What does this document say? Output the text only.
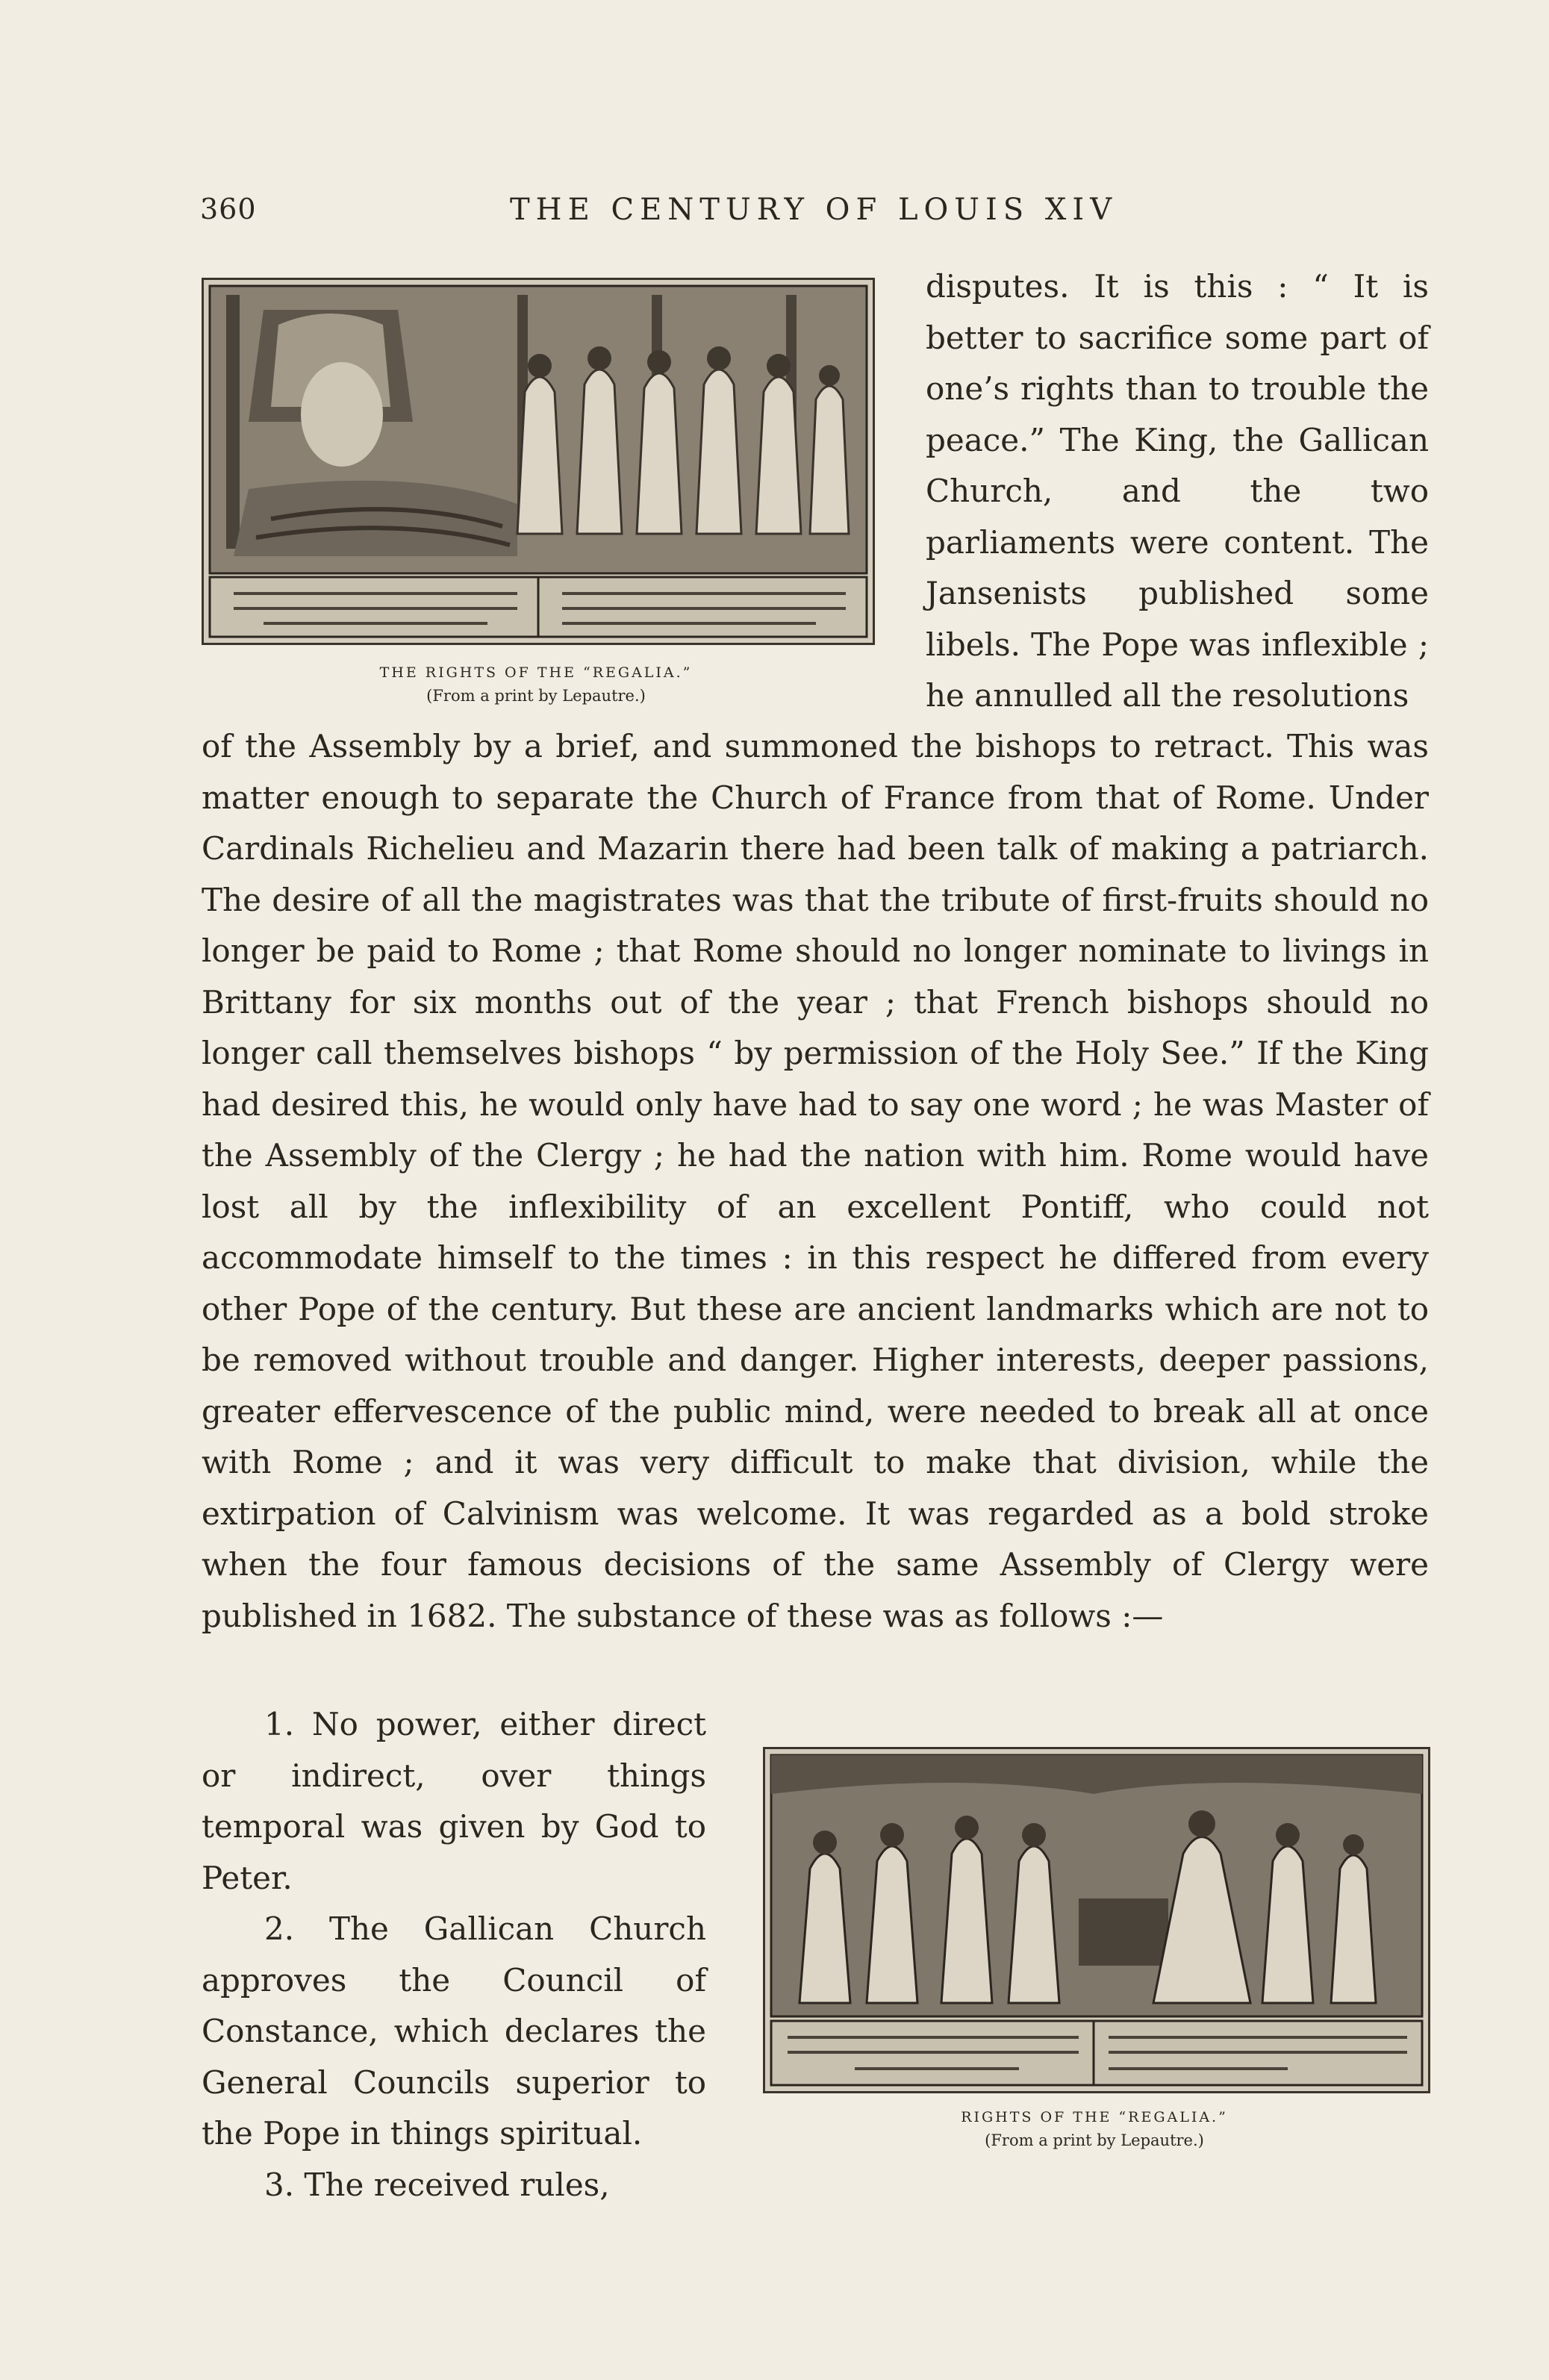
360	THE CENTURY OF LOUIS XIV
THE RIGHTS OF THE “REGALIA.”
(From a print by Lepautre.)

disputes. It is this : “ It is better to sacrifice some part of one’s rights than to trouble the peace.” The King, the Gallican Church, and the two parliaments were content. The Jansenists published some libels. The Pope was inflexible ; he annulled all the resolutions

of the Assembly by a brief, and summoned the bishops to retract. This was matter enough to separate the Church of France from that of Rome. Under Cardinals Richelieu and Mazarin there had been talk of making a patriarch. The desire of all the magistrates was that the tribute of first-fruits should no longer be paid to Rome ; that Rome should no longer nominate to livings in Brittany for six months out of the year ; that French bishops should no longer call themselves bishops “ by permission of the Holy See.” If the King had desired this, he would only have had to say one word ; he was Master of the Assembly of the Clergy ; he had the nation with him. Rome would have lost all by the inflexibility of an excellent Pontiff, who could not accommodate himself to the times : in this respect he differed from every other Pope of the century. But these are ancient landmarks which are not to be removed without trouble and danger. Higher interests, deeper passions, greater effervescence of the public mind, were needed to break all at once with Rome ; and it was very difficult to make that division, while the extirpation of Calvinism was welcome. It was regarded as a bold stroke when the four famous decisions of the same Assembly of Clergy were published in 1682. The substance of these was as follows :—

1. No power, either direct or indirect, over things temporal was given by God to Peter.

2. The Gallican Church approves the Council of Constance, which declares the General Councils superior to the Pope in things spiritual.

3. The received rules,

RIGHTS OF THE “REGALIA.”
(From a print by Lepautre.)
